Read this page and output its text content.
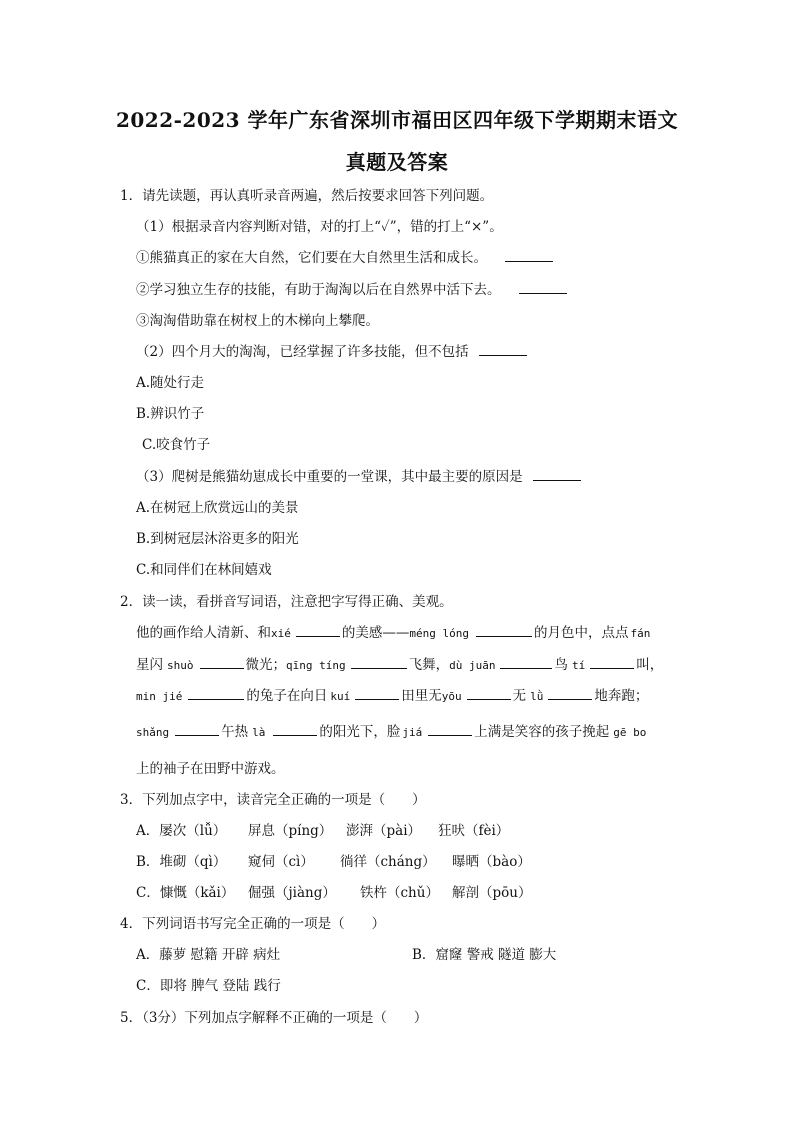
2022-2023 学年广东省深圳市福田区四年级下学期期末语文
真题及答案
1．请先读题，再认真听录音两遍，然后按要求回答下列问题。
（1）根据录音内容判断对错，对的打上“✓”，错的打上“×”。
①熊猫真正的家在大自然，它们要在大自然里生活和成长。
②学习独立生存的技能，有助于淘淘以后在自然界中活下去。
③淘淘借助靠在树杈上的木梯向上攀爬。
（2）四个月大的淘淘，已经掌握了许多技能，但不包括
A.随处行走
B.辨识竹子
C.咬食竹子
（3）爬树是熊猫幼崽成长中重要的一堂课，其中最主要的原因是
A.在树冠上欣赏远山的美景
B.到树冠层沐浴更多的阳光
C.和同伴们在林间嬉戏
2．读一读，看拼音写词语，注意把字写得正确、美观。
他的画作给人清新、和xié	的美感——méng lóng	的月色中，点点 fán
星闪 shuò	微光；qīng tíng	飞舞，dù juān	鸟 tí	叫，
min jié	的兔子在向日 kuí	田里无yōu	无 lǜ	地奔跑；
shǎng	午热 là	的阳光下，脸 jiá	上满是笑容的孩子挽起 gē bo
上的袖子在田野中游戏。
3．下列加点字中，读音完全正确的一项是（　　）
A．屡次（lǚ） 屏息（píng） 澎湃（pài） 狂吠（fèi）
B．堆砌（qì） 窥伺（cì） 徜徉（cháng） 曝晒（bào）
C．慷慨（kǎi） 倔强（jiàng） 铁杵（chǔ） 解剖（pōu）
4．下列词语书写完全正确的一项是（　　）
A．藤萝 慰籍 开辟 病灶	B．窟窿 警戒 隧道 膨大
C．即将 脾气 登陆 践行
5．（3分）下列加点字解释不正确的一项是（　　）
